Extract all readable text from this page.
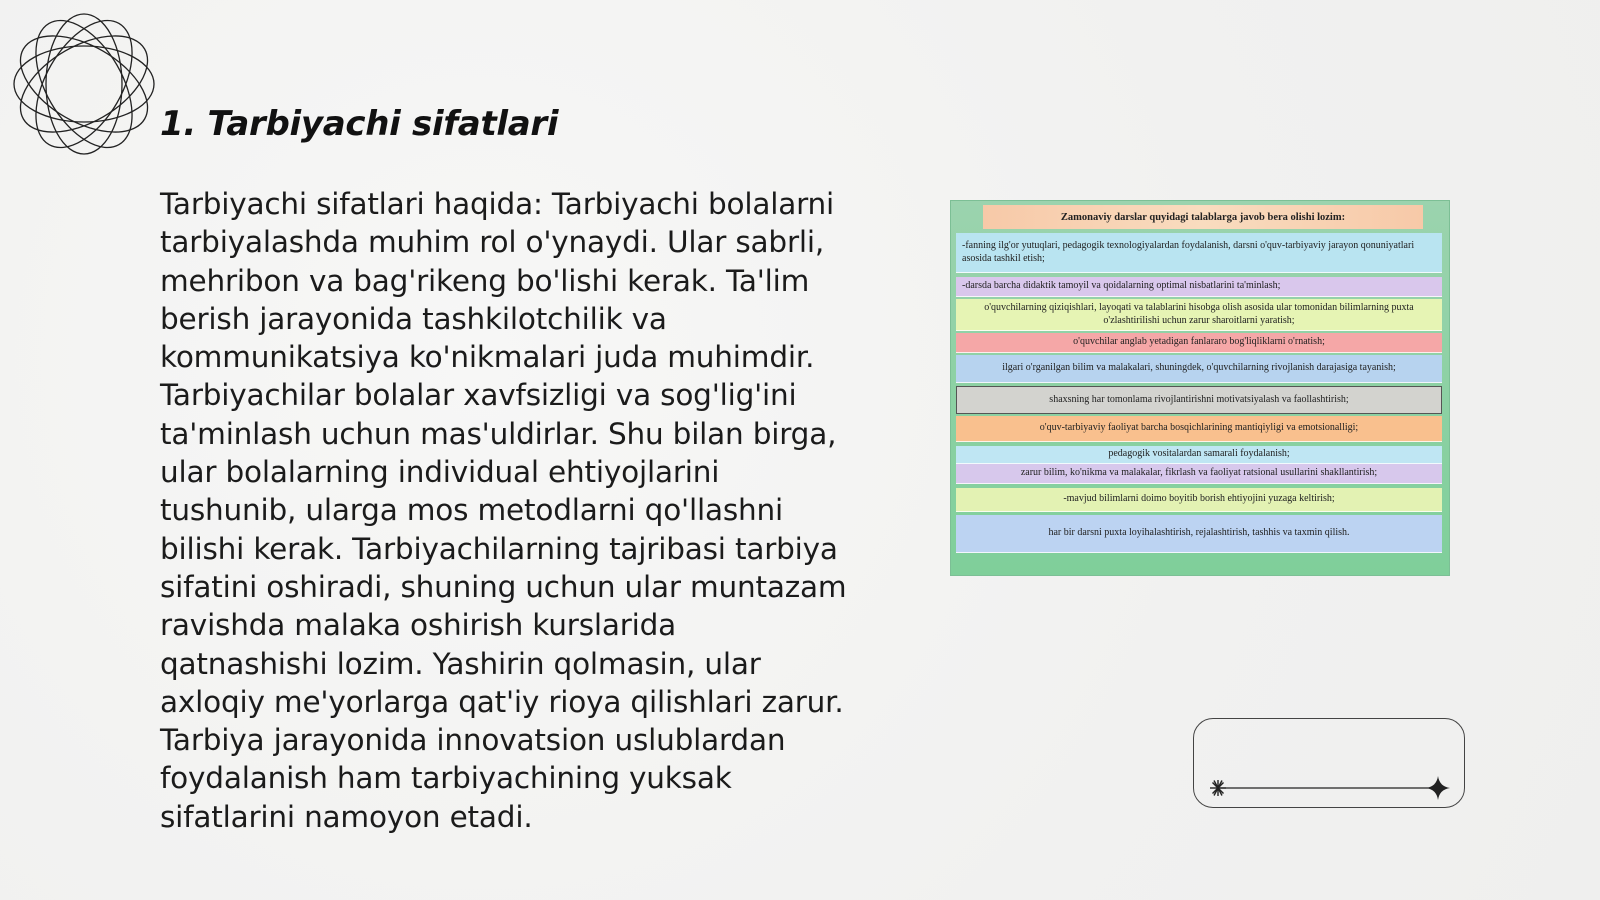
1. Tarbiyachi sifatlari

Tarbiyachi sifatlari haqida: Tarbiyachi bolalarni tarbiyalashda muhim rol o'ynaydi. Ular sabrli, mehribon va bag'rikeng bo'lishi kerak. Ta'lim berish jarayonida tashkilotchilik va kommunikatsiya ko'nikmalari juda muhimdir. Tarbiyachilar bolalar xavfsizligi va sog'lig'ini ta'minlash uchun mas'uldirlar. Shu bilan birga, ular bolalarning individual ehtiyojlarini tushunib, ularga mos metodlarni qo'llashni bilishi kerak. Tarbiyachilarning tajribasi tarbiya sifatini oshiradi, shuning uchun ular muntazam ravishda malaka oshirish kurslarida qatnashishi lozim. Yashirin qolmasin, ular axloqiy me'yorlarga qat'iy rioya qilishlari zarur. Tarbiya jarayonida innovatsion uslublardan foydalanish ham tarbiyachining yuksak sifatlarini namoyon etadi.

Zamonaviy darslar quyidagi talablarga javob bera olishi lozim:
-fanning ilg'or yutuqlari, pedagogik texnologiyalardan foydalanish, darsni o'quv-tarbiyaviy jarayon qonuniyatlari asosida tashkil etish;
-darsda barcha didaktik tamoyil va qoidalarning optimal nisbatlarini ta'minlash;
o'quvchilarning qiziqishlari, layoqati va talablarini hisobga olish asosida ular tomonidan bilimlarning puxta o'zlashtirilishi uchun zarur sharoitlarni yaratish;
o'quvchilar anglab yetadigan fanlararo bog'liqliklarni o'rnatish;
ilgari o'rganilgan bilim va malakalari, shuningdek, o'quvchilarning rivojlanish darajasiga tayanish;
shaxsning har tomonlama rivojlantirishni motivatsiyalash va faollashtirish;
o'quv-tarbiyaviy faoliyat barcha bosqichlarining mantiqiyligi va emotsionalligi;
pedagogik vositalardan samarali foydalanish;
zarur bilim, ko'nikma va malakalar, fikrlash va faoliyat ratsional usullarini shakllantirish;
-mavjud bilimlarni doimo boyitib borish ehtiyojini yuzaga keltirish;
har bir darsni puxta loyihalashtirish, rejalashtirish, tashhis va taxmin qilish.
